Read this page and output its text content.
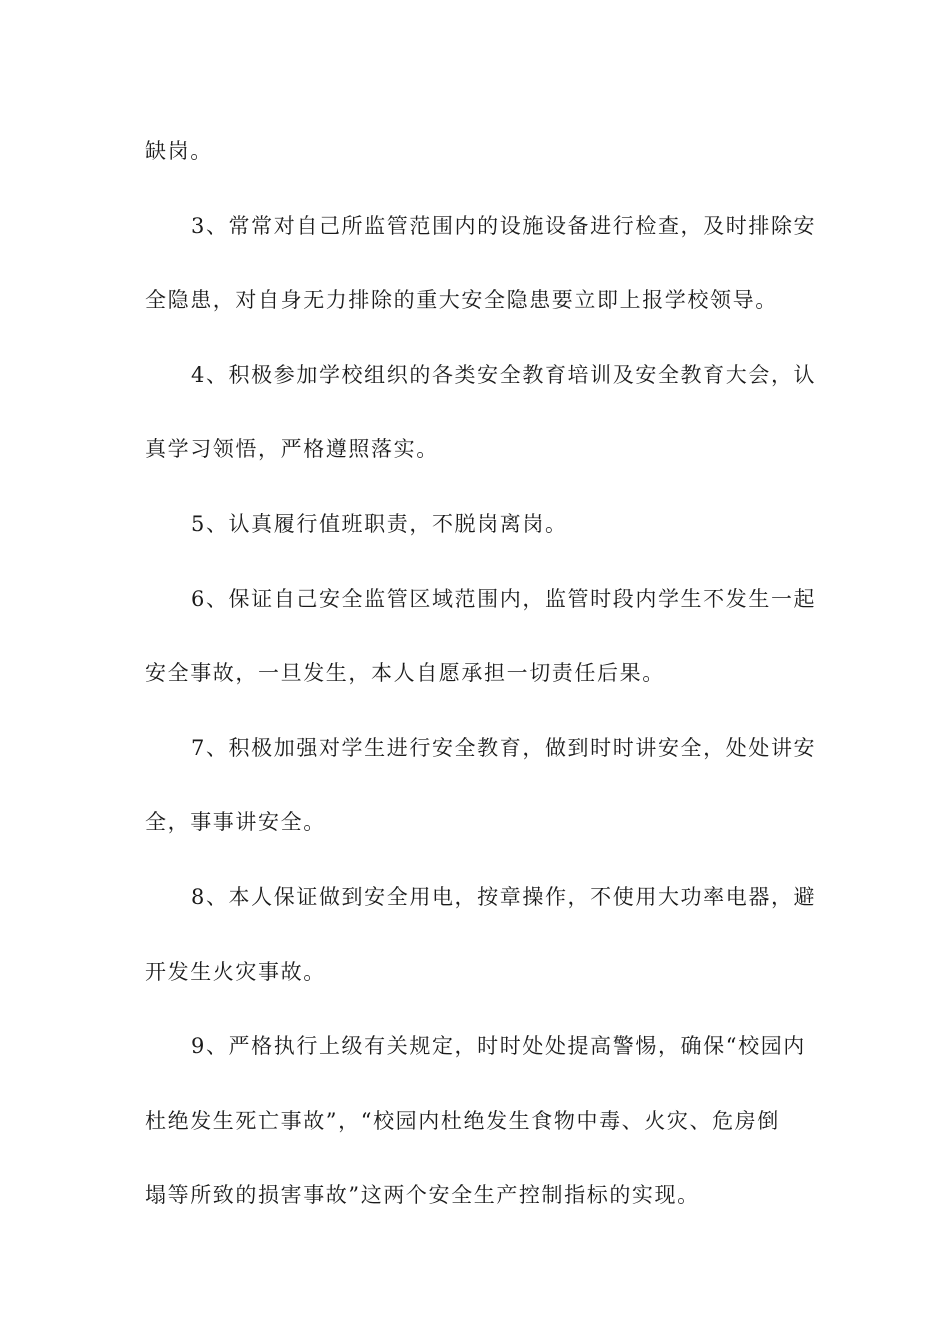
缺岗。

3、常常对自己所监管范围内的设施设备进行检查，及时排除安

全隐患，对自身无力排除的重大安全隐患要立即上报学校领导。

4、积极参加学校组织的各类安全教育培训及安全教育大会，认

真学习领悟，严格遵照落实。

5、认真履行值班职责，不脱岗离岗。

6、保证自己安全监管区域范围内，监管时段内学生不发生一起

安全事故，一旦发生，本人自愿承担一切责任后果。

7、积极加强对学生进行安全教育，做到时时讲安全，处处讲安

全，事事讲安全。

8、本人保证做到安全用电，按章操作，不使用大功率电器，避

开发生火灾事故。

9、严格执行上级有关规定，时时处处提高警惕，确保“校园内

杜绝发生死亡事故”，“校园内杜绝发生食物中毒、火灾、危房倒

塌等所致的损害事故”这两个安全生产控制指标的实现。
